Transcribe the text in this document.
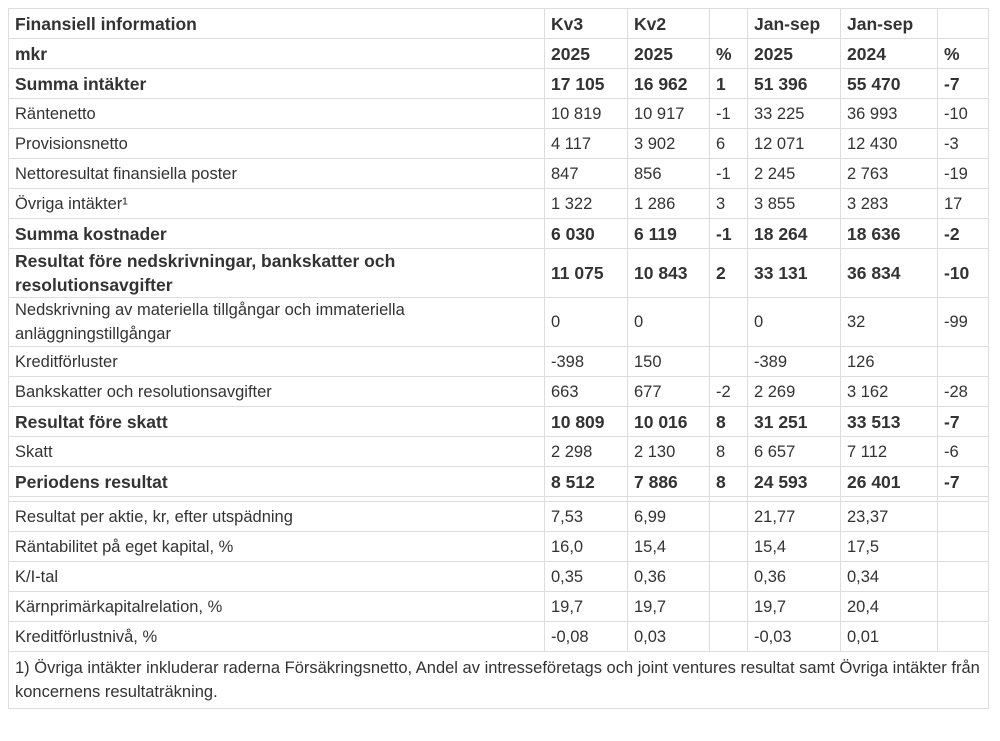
Finansiell information	Kv3	Kv2		Jan-sep	Jan-sep	
mkr	2025	2025	%	2025	2024	%
Summa intäkter	17 105	16 962	1	51 396	55 470	-7
Räntenetto	10 819	10 917	-1	33 225	36 993	-10
Provisionsnetto	4 117	3 902	6	12 071	12 430	-3
Nettoresultat finansiella poster	847	856	-1	2 245	2 763	-19
Övriga intäkter¹	1 322	1 286	3	3 855	3 283	17
Summa kostnader	6 030	6 119	-1	18 264	18 636	-2
Resultat före nedskrivningar, bankskatter och resolutionsavgifter	11 075	10 843	2	33 131	36 834	-10
Nedskrivning av materiella tillgångar och immateriella anläggningstillgångar	0	0		0	32	-99
Kreditförluster	-398	150		-389	126	
Bankskatter och resolutionsavgifter	663	677	-2	2 269	3 162	-28
Resultat före skatt	10 809	10 016	8	31 251	33 513	-7
Skatt	2 298	2 130	8	6 657	7 112	-6
Periodens resultat	8 512	7 886	8	24 593	26 401	-7

Resultat per aktie, kr, efter utspädning	7,53	6,99		21,77	23,37	
Räntabilitet på eget kapital, %	16,0	15,4		15,4	17,5	
K/I-tal	0,35	0,36		0,36	0,34	
Kärnprimärkapitalrelation, %	19,7	19,7		19,7	20,4	
Kreditförlustnivå, %	-0,08	0,03		-0,03	0,01	
1) Övriga intäkter inkluderar raderna Försäkringsnetto, Andel av intresseföretags och joint ventures resultat samt Övriga intäkter från koncernens resultaträkning.						
